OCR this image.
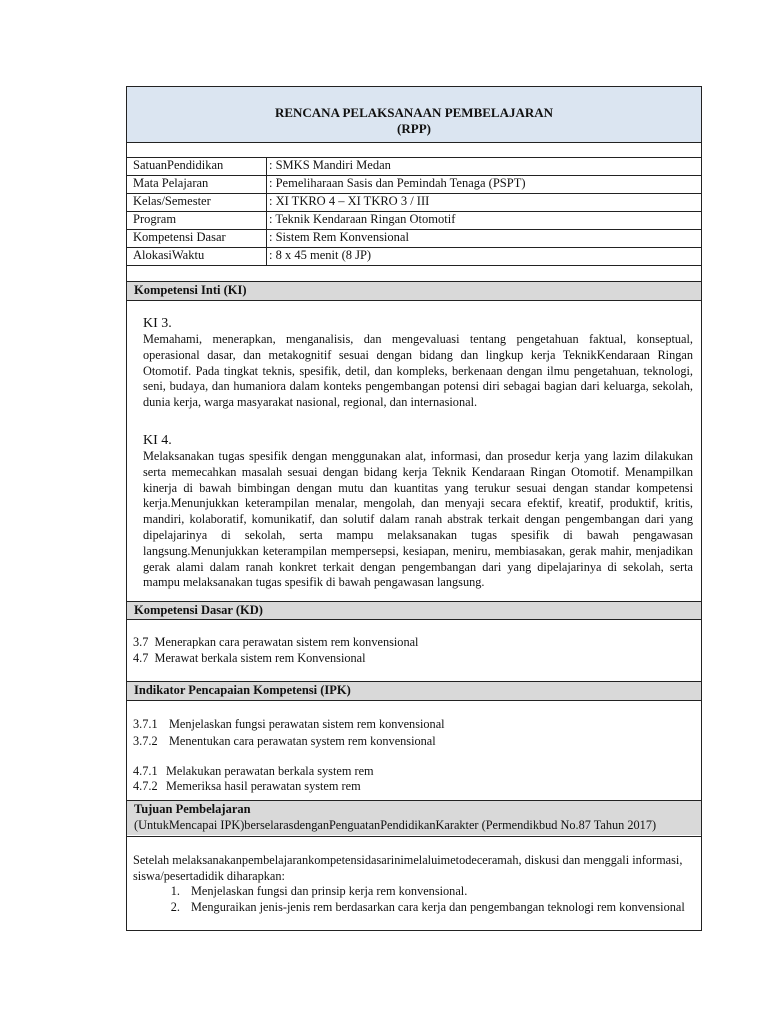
RENCANA PELAKSANAAN PEMBELAJARAN
(RPP)
SatuanPendidikan	: SMKS Mandiri Medan
Mata Pelajaran	: Pemeliharaan Sasis dan Pemindah Tenaga (PSPT)
Kelas/Semester	: XI TKRO 4 – XI TKRO 3 / III
Program	: Teknik Kendaraan Ringan Otomotif
Kompetensi Dasar	: Sistem Rem Konvensional
AlokasiWaktu	: 8 x 45 menit (8 JP)
Kompetensi Inti (KI)
KI 3.
Memahami, menerapkan, menganalisis, dan mengevaluasi tentang pengetahuan faktual, konseptual, operasional dasar, dan metakognitif sesuai dengan bidang dan lingkup kerja TeknikKendaraan Ringan Otomotif. Pada tingkat teknis, spesifik, detil, dan kompleks, berkenaan dengan ilmu pengetahuan, teknologi, seni, budaya, dan humaniora dalam konteks pengembangan potensi diri sebagai bagian dari keluarga, sekolah, dunia kerja, warga masyarakat nasional, regional, dan internasional.
KI 4.
Melaksanakan tugas spesifik dengan menggunakan alat, informasi, dan prosedur kerja yang lazim dilakukan serta memecahkan masalah sesuai dengan bidang kerja Teknik Kendaraan Ringan Otomotif. Menampilkan kinerja di bawah bimbingan dengan mutu dan kuantitas yang terukur sesuai dengan standar kompetensi kerja.Menunjukkan keterampilan menalar, mengolah, dan menyaji secara efektif, kreatif, produktif, kritis, mandiri, kolaboratif, komunikatif, dan solutif dalam ranah abstrak terkait dengan pengembangan dari yang dipelajarinya di sekolah, serta mampu melaksanakan tugas spesifik di bawah pengawasan langsung.Menunjukkan keterampilan mempersepsi, kesiapan, meniru, membiasakan, gerak mahir, menjadikan gerak alami dalam ranah konkret terkait dengan pengembangan dari yang dipelajarinya di sekolah, serta mampu melaksanakan tugas spesifik di bawah pengawasan langsung.
Kompetensi Dasar (KD)
3.7 Menerapkan cara perawatan sistem rem konvensional
4.7 Merawat berkala sistem rem Konvensional
Indikator Pencapaian Kompetensi (IPK)
3.7.1 Menjelaskan fungsi perawatan sistem rem konvensional
3.7.2 Menentukan cara perawatan system rem konvensional
4.7.1 Melakukan perawatan berkala system rem
4.7.2 Memeriksa hasil perawatan system rem
Tujuan Pembelajaran
(UntukMencapai IPK)berselarasdenganPenguatanPendidikanKarakter (Permendikbud No.87 Tahun 2017)
Setelah melaksanakanpembelajarankompetensidasarinimelaluimetodeceramah, diskusi dan menggali informasi, siswa/pesertadidik diharapkan:
1. Menjelaskan fungsi dan prinsip kerja rem konvensional.
2. Menguraikan jenis-jenis rem berdasarkan cara kerja dan pengembangan teknologi rem konvensional
